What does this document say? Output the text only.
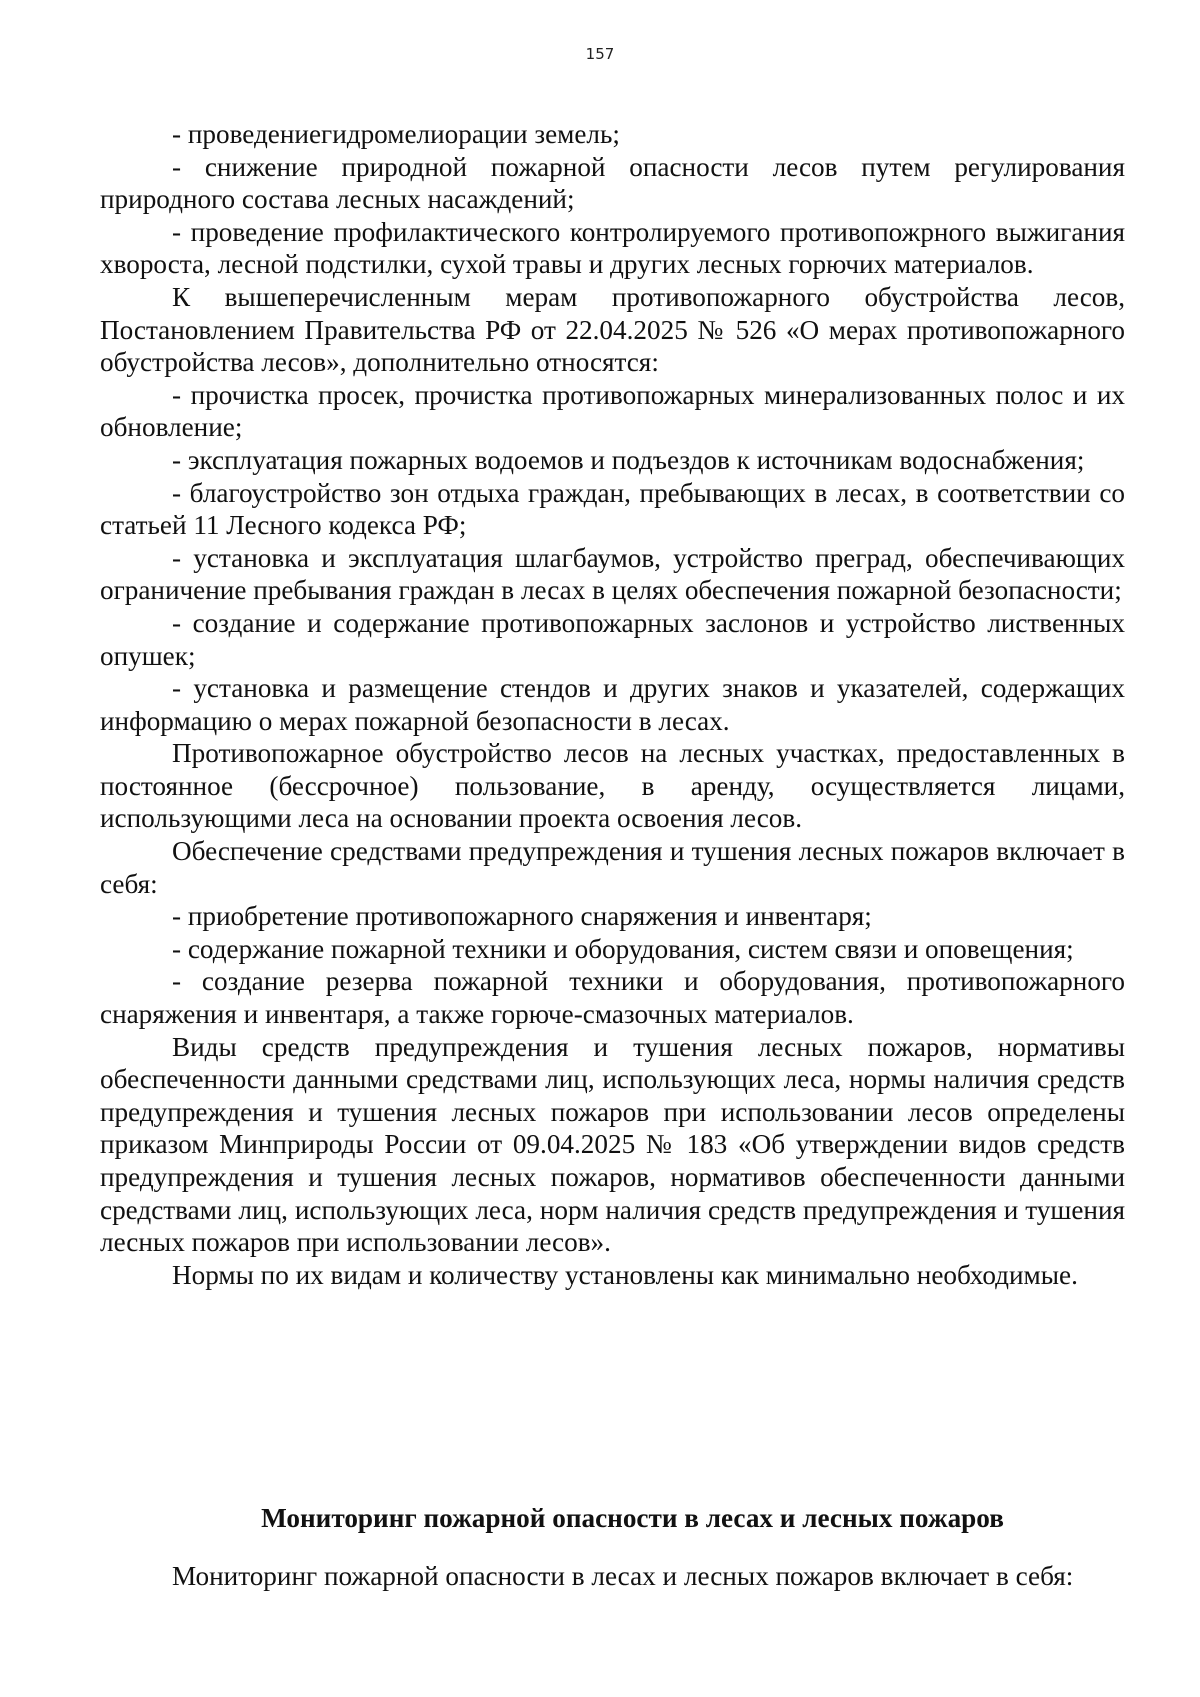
157

- проведениегидромелиорации земель;

- снижение природной пожарной опасности лесов путем регулирования природного состава лесных насаждений;

- проведение профилактического контролируемого противопожрного выжигания хвороста, лесной подстилки, сухой травы и других лесных горючих материалов.

К вышеперечисленным мерам противопожарного обустройства лесов, Постановлением Правительства РФ от 22.04.2025 № 526 «О мерах противопожарного обустройства лесов», дополнительно относятся:

- прочистка просек, прочистка противопожарных минерализованных полос и их обновление;

- эксплуатация пожарных водоемов и подъездов к источникам водоснабжения;

- благоустройство зон отдыха граждан, пребывающих в лесах, в соответствии со статьей 11 Лесного кодекса РФ;

- установка и эксплуатация шлагбаумов, устройство преград, обеспечивающих ограничение пребывания граждан в лесах в целях обеспечения пожарной безопасности;

- создание и содержание противопожарных заслонов и устройство лиственных опушек;

- установка и размещение стендов и других знаков и указателей, содержащих информацию о мерах пожарной безопасности в лесах.

Противопожарное обустройство лесов на лесных участках, предоставленных в постоянное (бессрочное) пользование, в аренду, осуществляется лицами, использующими леса на основании проекта освоения лесов.

Обеспечение средствами предупреждения и тушения лесных пожаров включает в себя:

- приобретение противопожарного снаряжения и инвентаря;

- содержание пожарной техники и оборудования, систем связи и оповещения;

- создание резерва пожарной техники и оборудования, противопожарного снаряжения и инвентаря, а также горюче-смазочных материалов.

Виды средств предупреждения и тушения лесных пожаров, нормативы обеспеченности данными средствами лиц, использующих леса, нормы наличия средств предупреждения и тушения лесных пожаров при использовании лесов определены приказом Минприроды России от 09.04.2025 № 183 «Об утверждении видов средств предупреждения и тушения лесных пожаров, нормативов обеспеченности данными средствами лиц, использующих леса, норм наличия средств предупреждения и тушения лесных пожаров при использовании лесов».

Нормы по их видам и количеству установлены как минимально необходимые.

Мониторинг пожарной опасности в лесах и лесных пожаров

Мониторинг пожарной опасности в лесах и лесных пожаров включает в себя:
